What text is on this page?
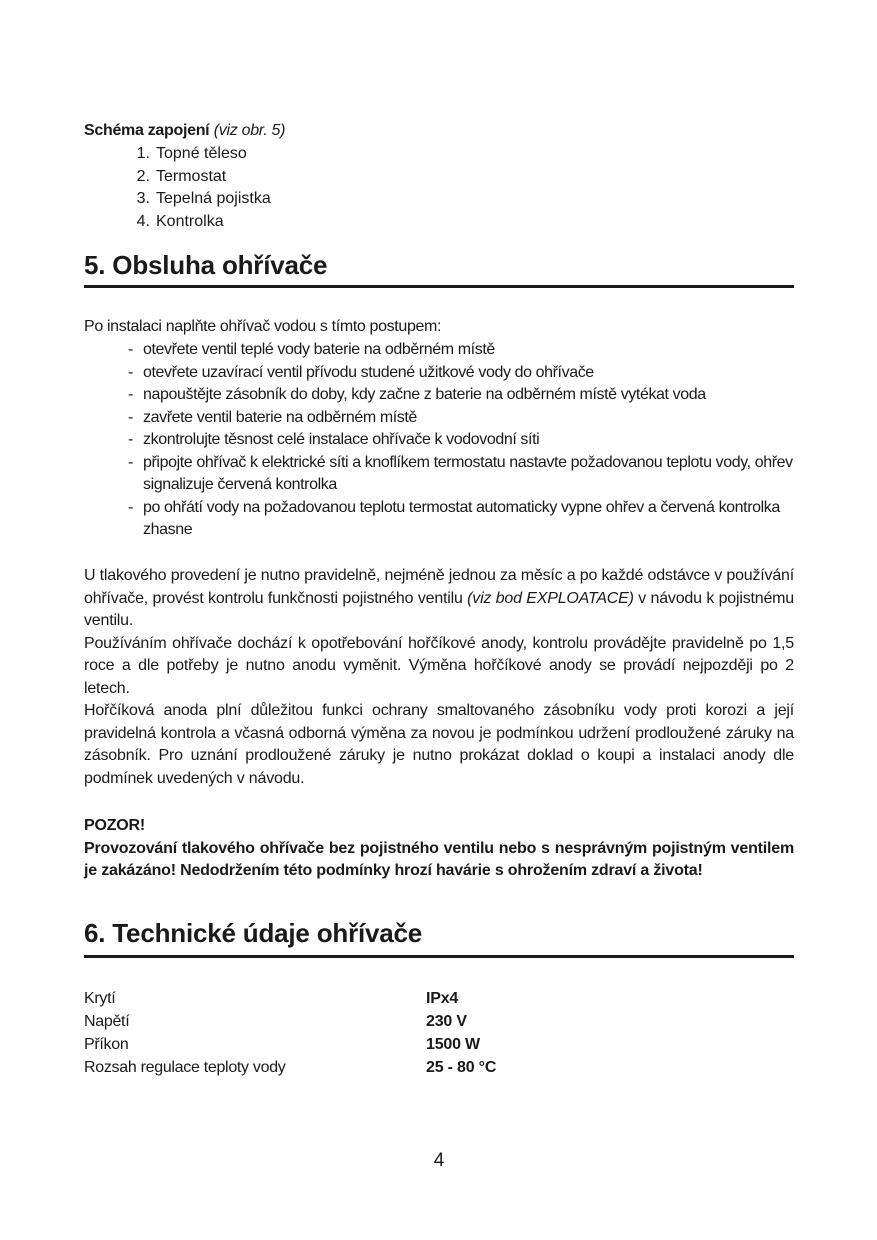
Schéma zapojení (viz obr. 5)
1. Topné těleso
2. Termostat
3. Tepelná pojistka
4. Kontrolka
5. Obsluha ohřívače
Po instalaci naplňte ohřívač vodou s tímto postupem:
- otevřete ventil teplé vody baterie na odběrném místě
- otevřete uzavírací ventil přívodu studené užitkové vody do ohřívače
- napouštějte zásobník do doby, kdy začne z baterie na odběrném místě vytékat voda
- zavřete ventil baterie na odběrném místě
- zkontrolujte těsnost celé instalace ohřívače k vodovodní síti
- připojte ohřívač k elektrické síti a knoflíkem termostatu nastavte požadovanou teplotu vody, ohřev signalizuje červená kontrolka
- po ohřátí vody na požadovanou teplotu termostat automaticky vypne ohřev a červená kontrolka zhasne

U tlakového provedení je nutno pravidelně, nejméně jednou za měsíc a po každé odstávce v používání ohřívače, provést kontrolu funkčnosti pojistného ventilu (viz bod EXPLOATACE) v návodu k pojistnému ventilu.

Používáním ohřívače dochází k opotřebování hořčíkové anody, kontrolu provádějte pravidelně po 1,5 roce a dle potřeby je nutno anodu vyměnit. Výměna hořčíkové anody se provádí nejpozději po 2 letech.

Hořčíková anoda plní důležitou funkci ochrany smaltovaného zásobníku vody proti korozi a její pravidelná kontrola a včasná odborná výměna za novou je podmínkou udržení prodloužené záruky na zásobník. Pro uznání prodloužené záruky je nutno prokázat doklad o koupi a instalaci anody dle podmínek uvedených v návodu.

POZOR!

Provozování tlakového ohřívače bez pojistného ventilu nebo s nesprávným pojistným ventilem je zakázáno! Nedodržením této podmínky hrozí havárie s ohrožením zdraví a života!

6. Technické údaje ohřívače
Krytí	IPx4
Napětí	230 V
Příkon	1500 W
Rozsah regulace teploty vody	25 - 80 °C
4
